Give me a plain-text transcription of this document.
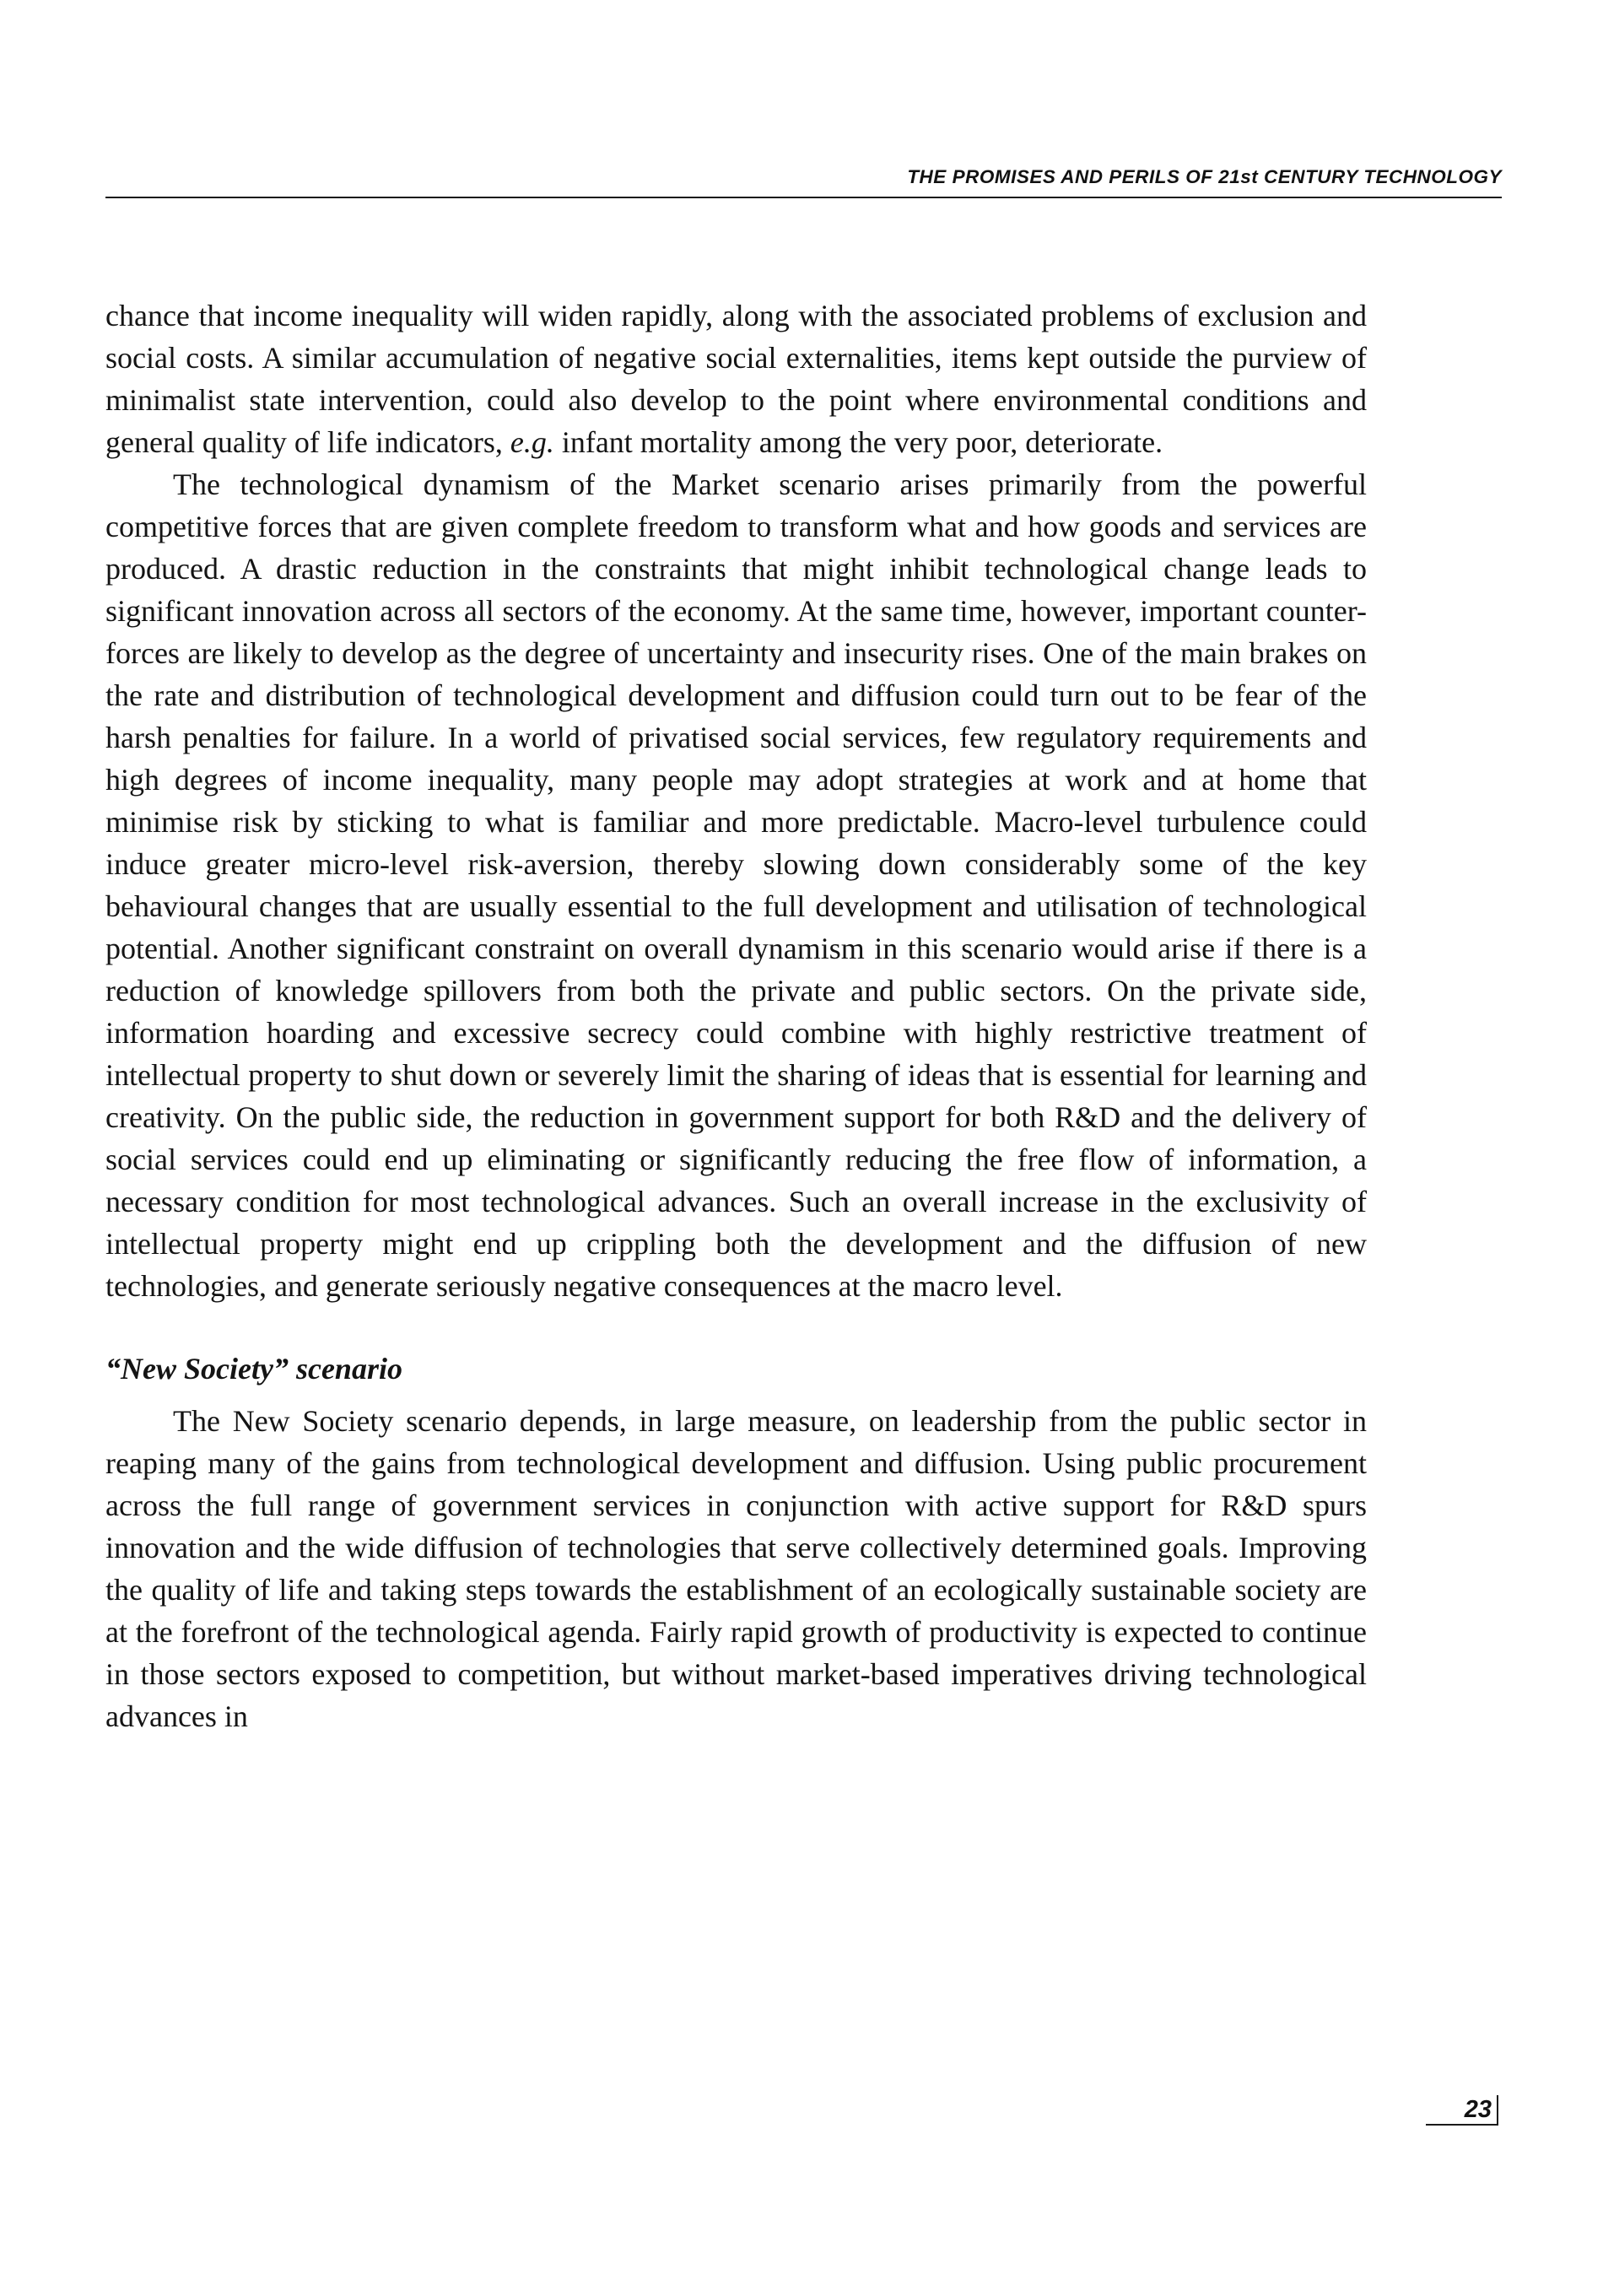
THE PROMISES AND PERILS OF 21st CENTURY TECHNOLOGY

chance that income inequality will widen rapidly, along with the associated problems of exclusion and social costs. A similar accumulation of negative social externalities, items kept outside the purview of minimalist state intervention, could also develop to the point where environmental conditions and general quality of life indicators, e.g. infant mortality among the very poor, deteriorate.

The technological dynamism of the Market scenario arises primarily from the powerful competitive forces that are given complete freedom to transform what and how goods and services are produced. A drastic reduction in the constraints that might inhibit technological change leads to significant innovation across all sectors of the economy. At the same time, however, important counter-forces are likely to develop as the degree of uncertainty and insecurity rises. One of the main brakes on the rate and distribution of technological development and diffusion could turn out to be fear of the harsh penalties for failure. In a world of privatised social services, few regulatory requirements and high degrees of income inequality, many people may adopt strategies at work and at home that minimise risk by sticking to what is familiar and more predictable. Macro-level turbulence could induce greater micro-level risk-aversion, thereby slowing down considerably some of the key behavioural changes that are usually essential to the full development and utilisation of technological potential. Another significant constraint on overall dynamism in this scenario would arise if there is a reduction of knowledge spillovers from both the private and public sectors. On the private side, information hoarding and excessive secrecy could combine with highly restrictive treatment of intellectual property to shut down or severely limit the sharing of ideas that is essential for learning and creativity. On the public side, the reduction in government support for both R&D and the delivery of social services could end up eliminating or significantly reducing the free flow of information, a necessary condition for most technological advances. Such an overall increase in the exclusivity of intellectual property might end up crippling both the development and the diffusion of new technologies, and generate seriously negative consequences at the macro level.

“New Society” scenario

The New Society scenario depends, in large measure, on leadership from the public sector in reaping many of the gains from technological development and diffusion. Using public procurement across the full range of government services in conjunction with active support for R&D spurs innovation and the wide diffusion of technologies that serve collectively determined goals. Improving the quality of life and taking steps towards the establishment of an ecologically sustainable society are at the forefront of the technological agenda. Fairly rapid growth of productivity is expected to continue in those sectors exposed to competition, but without market-based imperatives driving technological advances in

23
